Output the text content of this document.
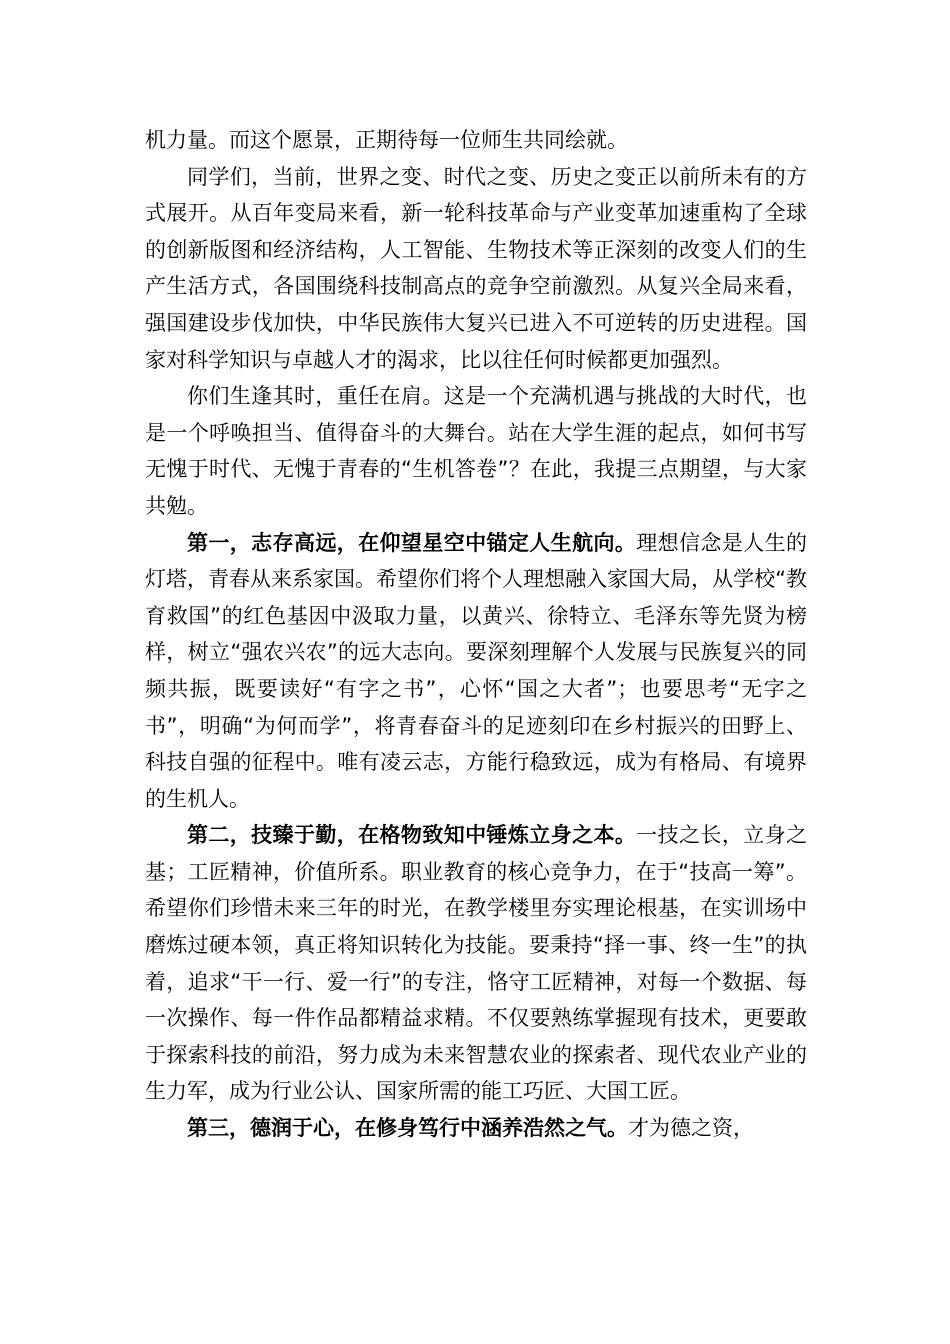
机力量。而这个愿景，正期待每一位师生共同绘就。

同学们，当前，世界之变、时代之变、历史之变正以前所未有的方式展开。从百年变局来看，新一轮科技革命与产业变革加速重构了全球的创新版图和经济结构，人工智能、生物技术等正深刻的改变人们的生产生活方式，各国围绕科技制高点的竞争空前激烈。从复兴全局来看，强国建设步伐加快，中华民族伟大复兴已进入不可逆转的历史进程。国家对科学知识与卓越人才的渴求，比以往任何时候都更加强烈。

你们生逢其时，重任在肩。这是一个充满机遇与挑战的大时代，也是一个呼唤担当、值得奋斗的大舞台。站在大学生涯的起点，如何书写无愧于时代、无愧于青春的“生机答卷”？在此，我提三点期望，与大家共勉。

第一，志存高远，在仰望星空中锚定人生航向。理想信念是人生的灯塔，青春从来系家国。希望你们将个人理想融入家国大局，从学校“教育救国”的红色基因中汲取力量，以黄兴、徐特立、毛泽东等先贤为榜样，树立“强农兴农”的远大志向。要深刻理解个人发展与民族复兴的同频共振，既要读好“有字之书”，心怀“国之大者”；也要思考“无字之书”，明确“为何而学”，将青春奋斗的足迹刻印在乡村振兴的田野上、科技自强的征程中。唯有凌云志，方能行稳致远，成为有格局、有境界的生机人。

第二，技臻于勤，在格物致知中锤炼立身之本。一技之长，立身之基；工匠精神，价值所系。职业教育的核心竞争力，在于“技高一筹”。希望你们珍惜未来三年的时光，在教学楼里夯实理论根基，在实训场中磨炼过硬本领，真正将知识转化为技能。要秉持“择一事、终一生”的执着，追求“干一行、爱一行”的专注，恪守工匠精神，对每一个数据、每一次操作、每一件作品都精益求精。不仅要熟练掌握现有技术，更要敢于探索科技的前沿，努力成为未来智慧农业的探索者、现代农业产业的生力军，成为行业公认、国家所需的能工巧匠、大国工匠。

第三，德润于心，在修身笃行中涵养浩然之气。才为德之资，
